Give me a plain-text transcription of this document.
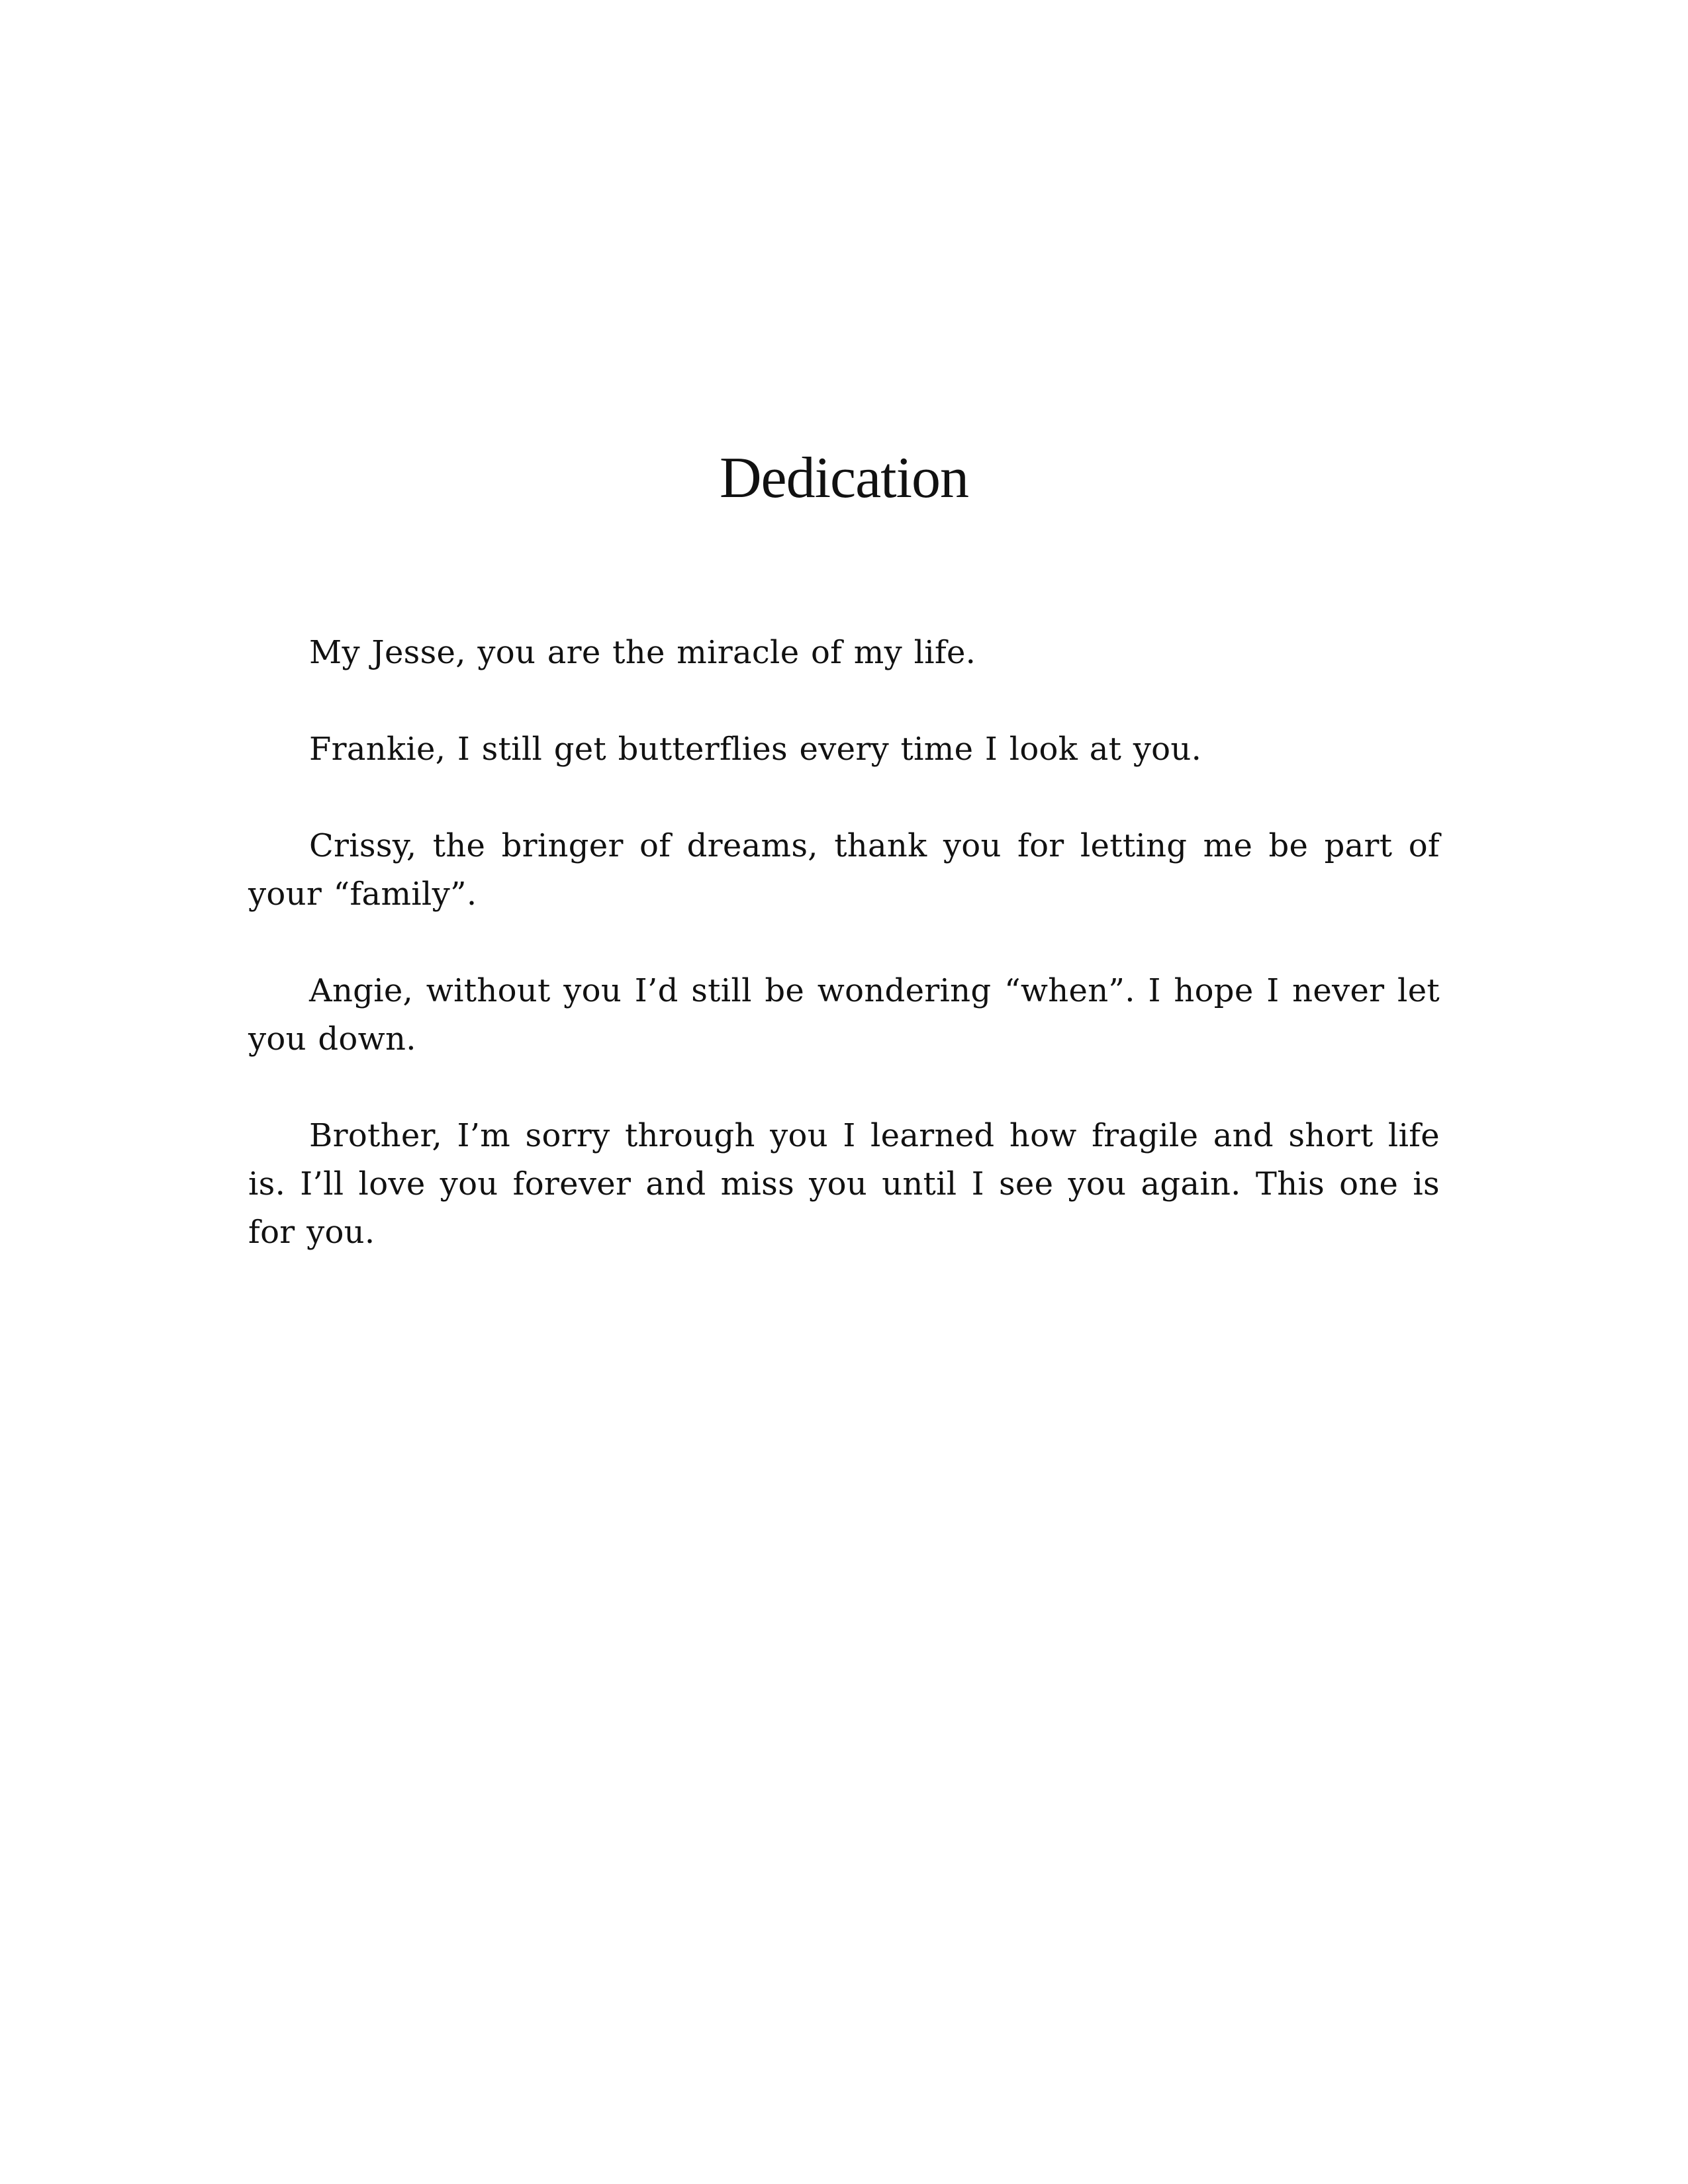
Dedication

My Jesse, you are the miracle of my life.

Frankie, I still get butterflies every time I look at you.

Crissy, the bringer of dreams, thank you for letting me be part of your “family”.

Angie, without you I’d still be wondering “when”. I hope I never let you down.

Brother, I’m sorry through you I learned how fragile and short life is. I’ll love you forever and miss you until I see you again. This one is for you.
